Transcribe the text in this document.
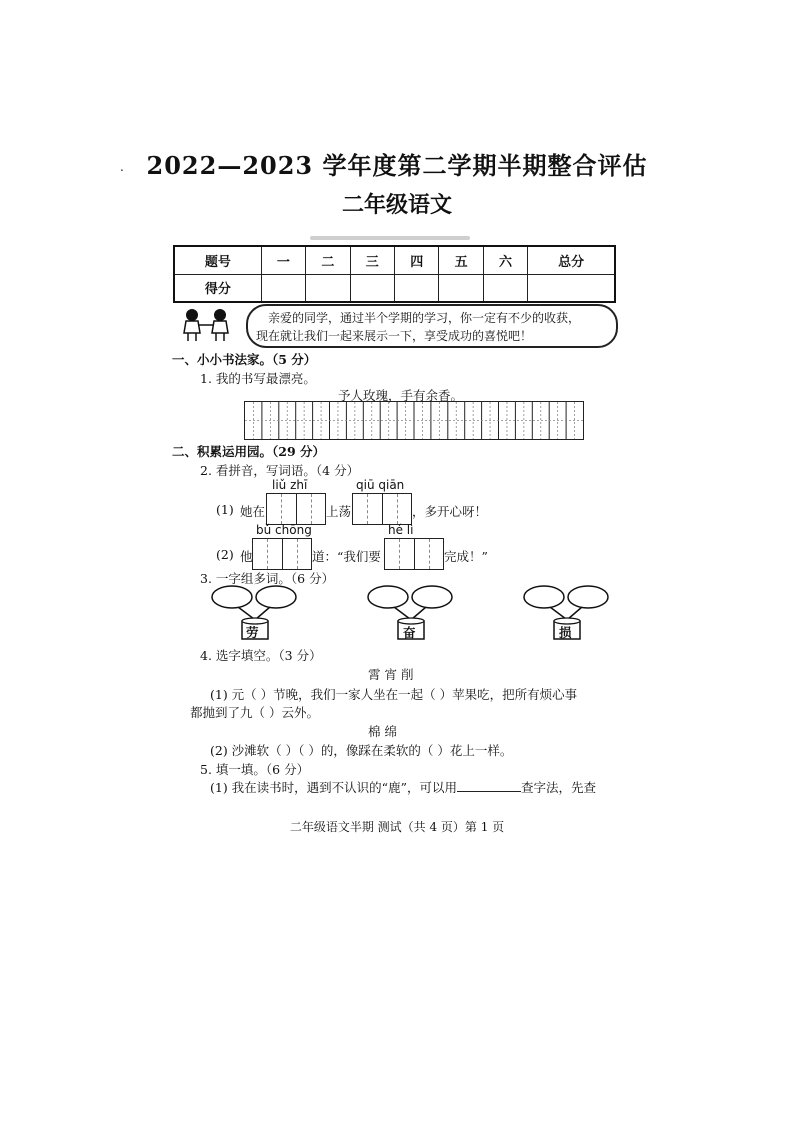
. 2022—2023 学年度第二学期半期整合评估
二年级语文
题号	一	二	三	四	五	六	总分
得分							
亲爱的同学，通过半个学期的学习，你一定有不少的收获，
现在就让我们一起来展示一下，享受成功的喜悦吧！
一、小小书法家。（5 分）
1. 我的书写最漂亮。
予人玫瑰，手有余香。
二、积累运用园。（29 分）
2. 看拼音，写词语。（4 分）
liǔ zhī	qiū qiān
(1) 她在	上荡	，多开心呀！
bǔ chōng	hé lì
(2) 他	道：“我们要	完成！”
3. 一字组多词。（6 分）
劳	奋	损
4. 选字填空。（3 分）
霄 宵 削
(1) 元（ ）节晚，我们一家人坐在一起（ ）苹果吃，把所有烦心事
都抛到了九（ ）云外。
棉 绵
(2) 沙滩软（ ）（ ）的，像踩在柔软的（ ）花上一样。
5. 填一填。（6 分）
(1) 我在读书时，遇到不认识的“鹿”，可以用	查字法，先查
二年级语文半期 测试（共 4 页）第 1 页
